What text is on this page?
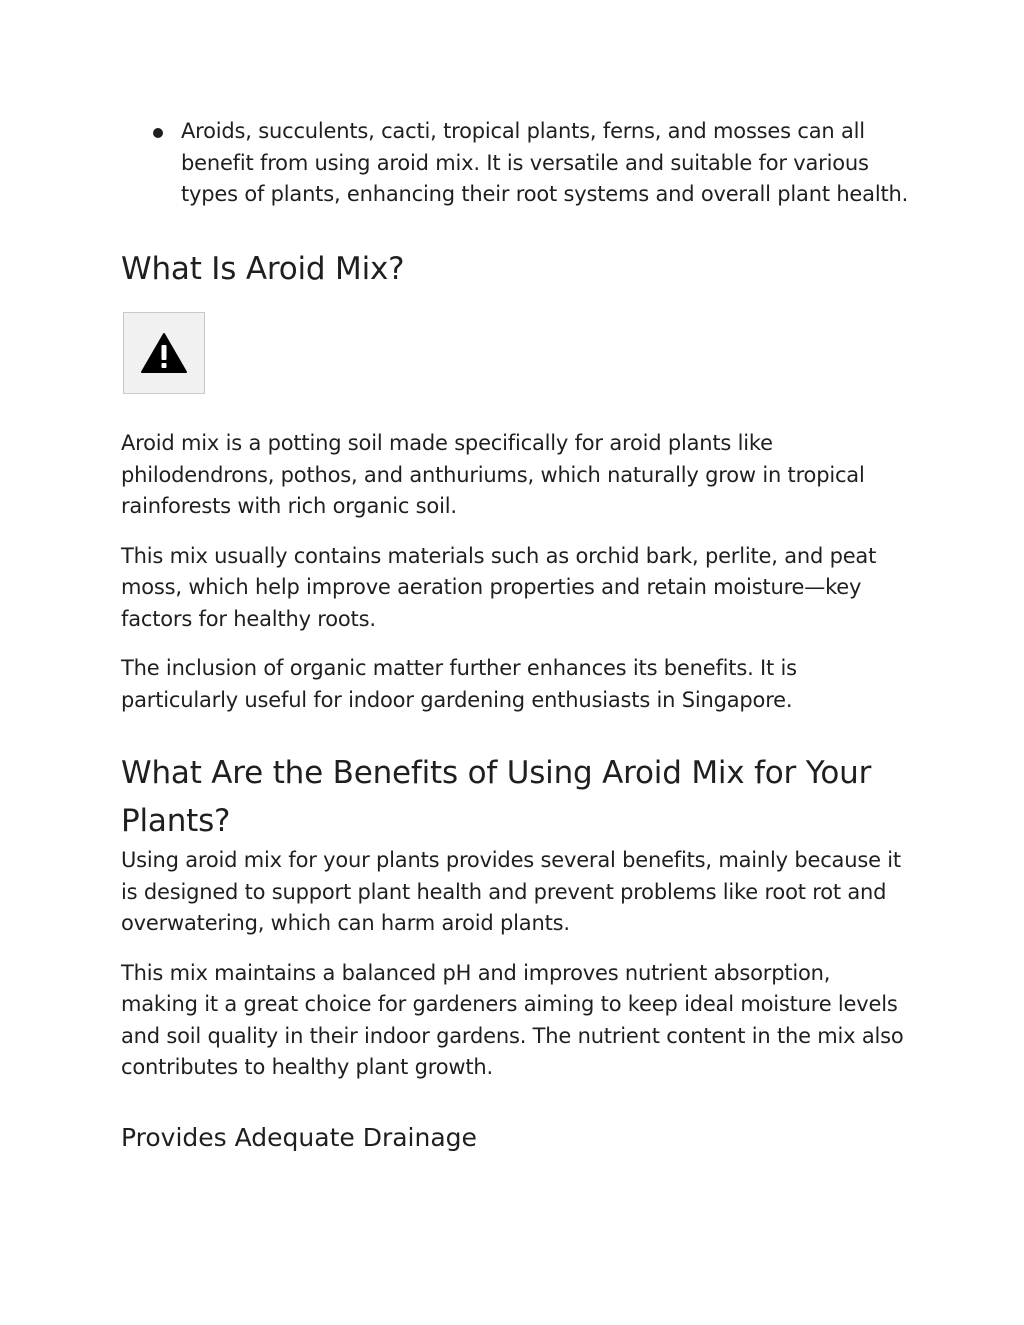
Aroids, succulents, cacti, tropical plants, ferns, and mosses can all benefit from using aroid mix. It is versatile and suitable for various types of plants, enhancing their root systems and overall plant health.
What Is Aroid Mix?

Aroid mix is a potting soil made specifically for aroid plants like philodendrons, pothos, and anthuriums, which naturally grow in tropical rainforests with rich organic soil.

This mix usually contains materials such as orchid bark, perlite, and peat moss, which help improve aeration properties and retain moisture—key factors for healthy roots.

The inclusion of organic matter further enhances its benefits. It is particularly useful for indoor gardening enthusiasts in Singapore.

What Are the Benefits of Using Aroid Mix for Your Plants?

Using aroid mix for your plants provides several benefits, mainly because it is designed to support plant health and prevent problems like root rot and overwatering, which can harm aroid plants.

This mix maintains a balanced pH and improves nutrient absorption, making it a great choice for gardeners aiming to keep ideal moisture levels and soil quality in their indoor gardens. The nutrient content in the mix also contributes to healthy plant growth.

Provides Adequate Drainage
